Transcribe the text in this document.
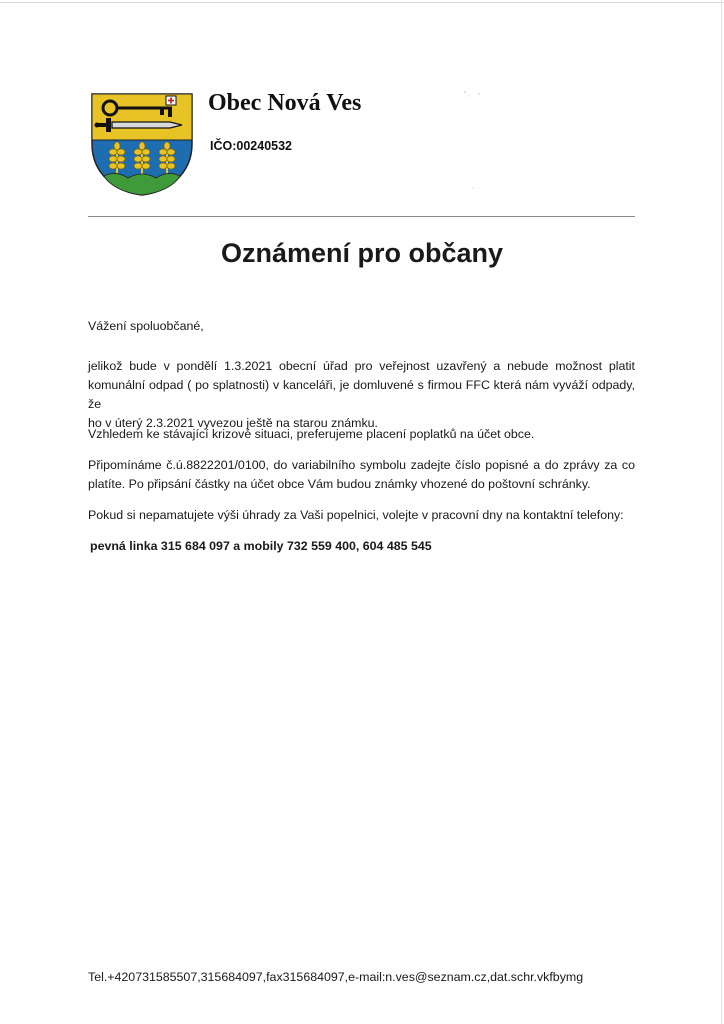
Obec Nová Ves
IČO:00240532
Oznámení pro občany
Vážení spoluobčané,
jelikož bude v pondělí 1.3.2021 obecní úřad pro veřejnost uzavřený a nebude možnost platit
komunální odpad ( po splatnosti) v kanceláři, je domluvené s firmou FFC která nám vyváží odpady, že
ho v úterý 2.3.2021 vyvezou ještě na starou známku.
Vzhledem ke stávající krizové situaci, preferujeme placení poplatků na účet obce.
Připomínáme č.ú.8822201/0100, do variabilního symbolu zadejte číslo popisné a do zprávy za co
platíte. Po připsání částky na účet obce Vám budou známky vhozené do poštovní schránky.
Pokud si nepamatujete výši úhrady za Vaši popelnici, volejte v pracovní dny na kontaktní telefony:
pevná linka 315 684 097 a mobily 732 559 400, 604 485 545
Tel.+420731585507,315684097,fax315684097,e-mail:n.ves@seznam.cz,dat.schr.vkfbymg
